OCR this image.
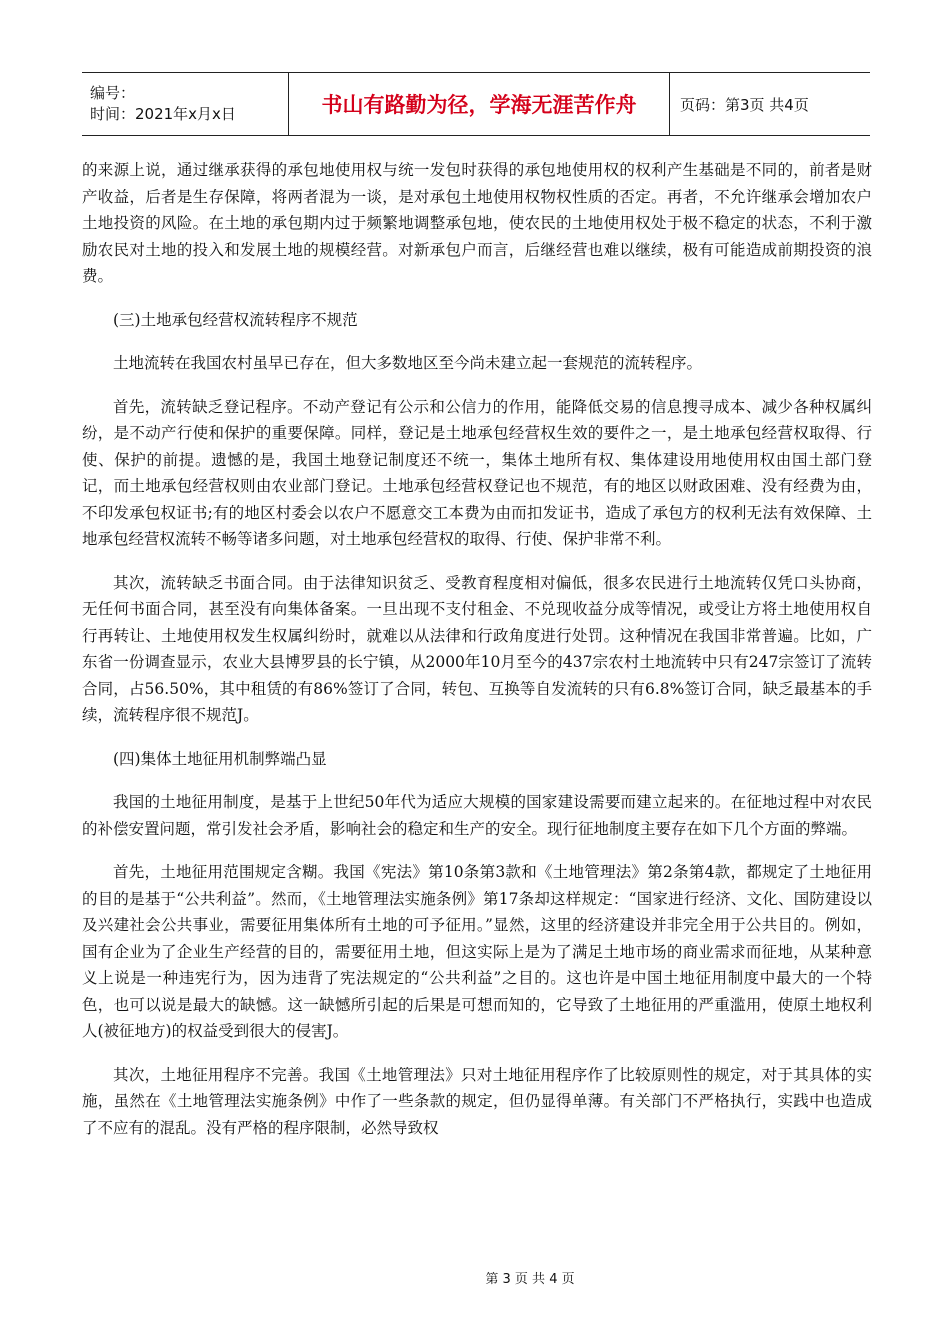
编号：
时间：2021年x月x日	书山有路勤为径，学海无涯苦作舟	页码：第3页 共4页

的来源上说，通过继承获得的承包地使用权与统一发包时获得的承包地使用权的权利产生基础是不同的，前者是财产收益，后者是生存保障，将两者混为一谈，是对承包土地使用权物权性质的否定。再者，不允许继承会增加农户土地投资的风险。在土地的承包期内过于频繁地调整承包地，使农民的土地使用权处于极不稳定的状态，不利于激励农民对土地的投入和发展土地的规模经营。对新承包户而言，后继经营也难以继续，极有可能造成前期投资的浪费。

(三)土地承包经营权流转程序不规范

土地流转在我国农村虽早已存在，但大多数地区至今尚未建立起一套规范的流转程序。

首先，流转缺乏登记程序。不动产登记有公示和公信力的作用，能降低交易的信息搜寻成本、减少各种权属纠纷，是不动产行使和保护的重要保障。同样，登记是土地承包经营权生效的要件之一，是土地承包经营权取得、行使、保护的前提。遗憾的是，我国土地登记制度还不统一，集体土地所有权、集体建设用地使用权由国土部门登记，而土地承包经营权则由农业部门登记。土地承包经营权登记也不规范，有的地区以财政困难、没有经费为由，不印发承包权证书;有的地区村委会以农户不愿意交工本费为由而扣发证书，造成了承包方的权利无法有效保障、土地承包经营权流转不畅等诸多问题，对土地承包经营权的取得、行使、保护非常不利。

其次，流转缺乏书面合同。由于法律知识贫乏、受教育程度相对偏低，很多农民进行土地流转仅凭口头协商，无任何书面合同，甚至没有向集体备案。一旦出现不支付租金、不兑现收益分成等情况，或受让方将土地使用权自行再转让、土地使用权发生权属纠纷时，就难以从法律和行政角度进行处罚。这种情况在我国非常普遍。比如，广东省一份调查显示，农业大县博罗县的长宁镇，从2000年10月至今的437宗农村土地流转中只有247宗签订了流转合同，占56.50%，其中租赁的有86%签订了合同，转包、互换等自发流转的只有6.8%签订合同，缺乏最基本的手续，流转程序很不规范J。

(四)集体土地征用机制弊端凸显

我国的土地征用制度，是基于上世纪50年代为适应大规模的国家建设需要而建立起来的。在征地过程中对农民的补偿安置问题，常引发社会矛盾，影响社会的稳定和生产的安全。现行征地制度主要存在如下几个方面的弊端。

首先，土地征用范围规定含糊。我国《宪法》第10条第3款和《土地管理法》第2条第4款，都规定了土地征用的目的是基于“公共利益”。然而，《土地管理法实施条例》第17条却这样规定：“国家进行经济、文化、国防建设以及兴建社会公共事业，需要征用集体所有土地的可予征用。”显然，这里的经济建设并非完全用于公共目的。例如，国有企业为了企业生产经营的目的，需要征用土地，但这实际上是为了满足土地市场的商业需求而征地，从某种意义上说是一种违宪行为，因为违背了宪法规定的“公共利益”之目的。这也许是中国土地征用制度中最大的一个特色，也可以说是最大的缺憾。这一缺憾所引起的后果是可想而知的，它导致了土地征用的严重滥用，使原土地权利人(被征地方)的权益受到很大的侵害J。

其次，土地征用程序不完善。我国《土地管理法》只对土地征用程序作了比较原则性的规定，对于其具体的实施，虽然在《土地管理法实施条例》中作了一些条款的规定，但仍显得单薄。有关部门不严格执行，实践中也造成了不应有的混乱。没有严格的程序限制，必然导致权

第 3 页 共 4 页
